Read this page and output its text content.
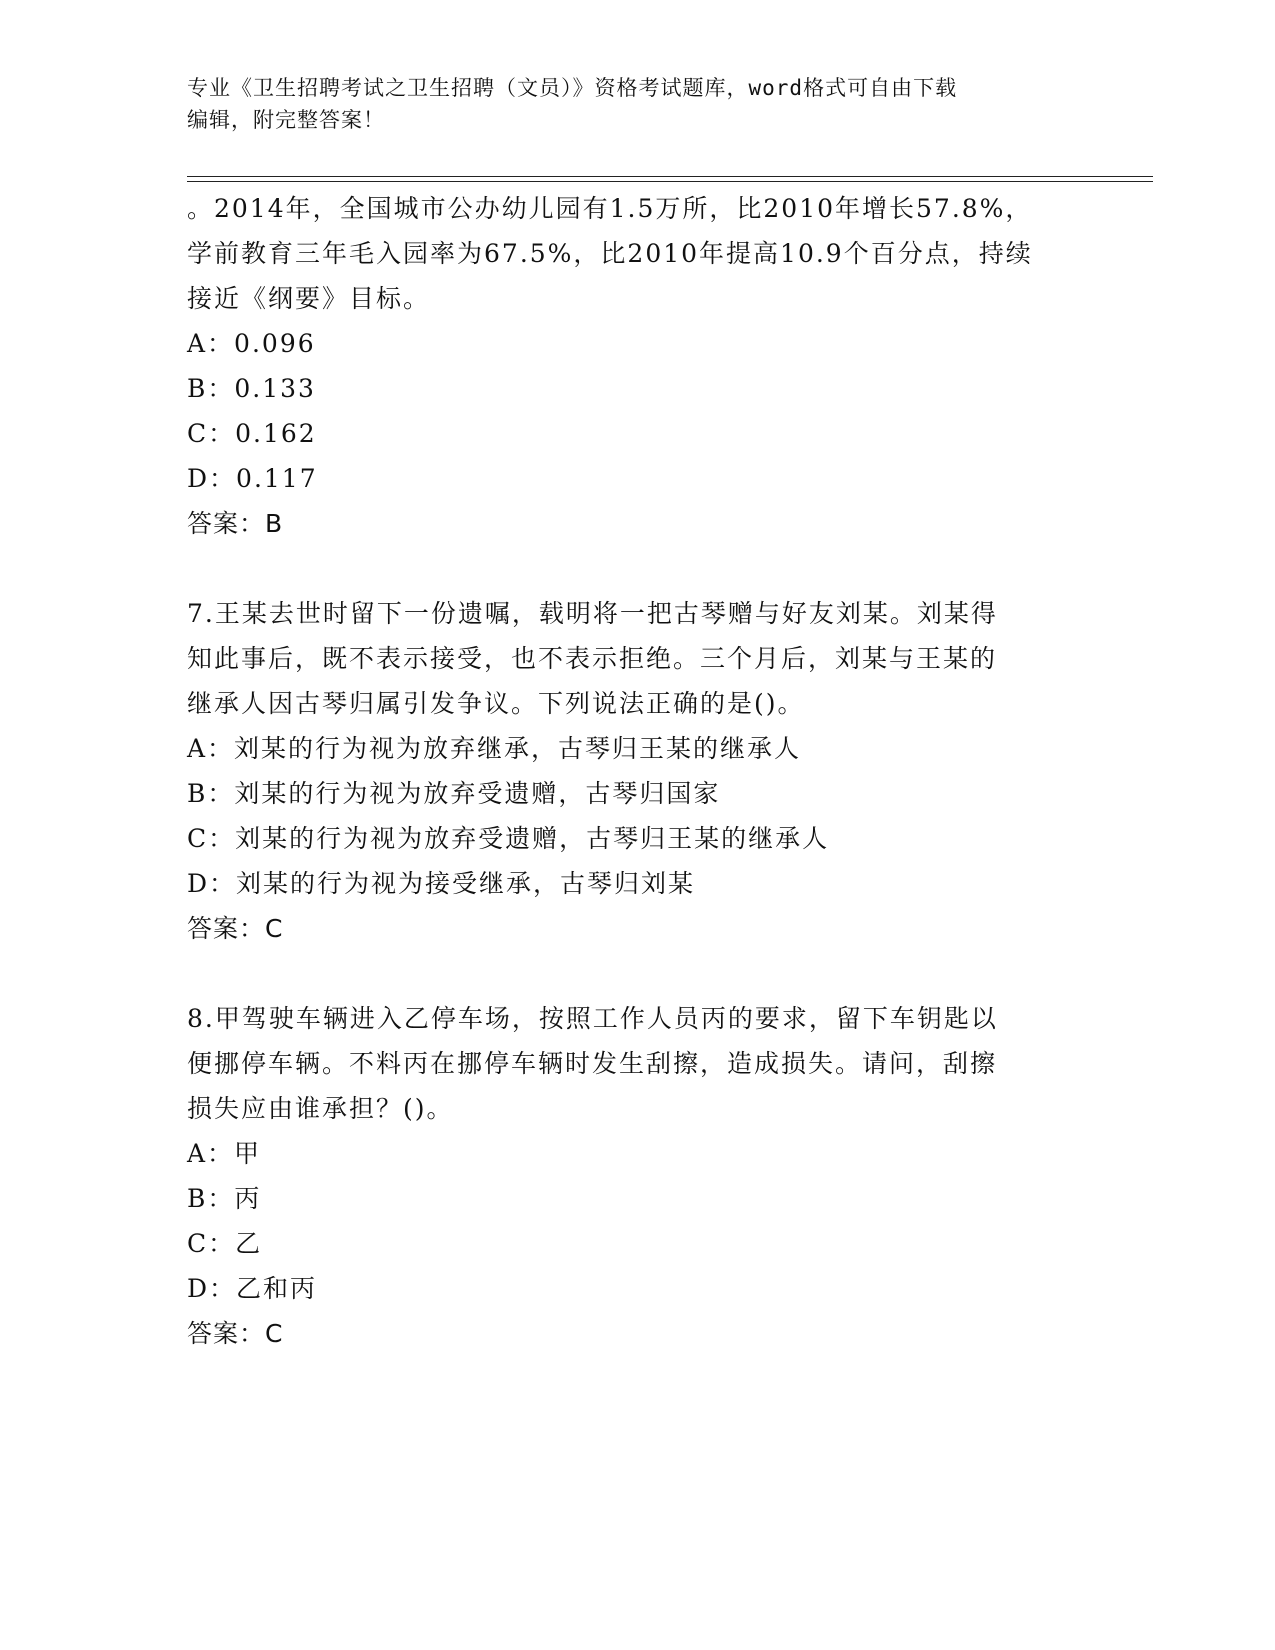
专业《卫生招聘考试之卫生招聘（文员）》资格考试题库，word格式可自由下载
编辑，附完整答案！

。2014年，全国城市公办幼儿园有1.5万所，比2010年增长57.8%，

学前教育三年毛入园率为67.5%，比2010年提高10.9个百分点，持续

接近《纲要》目标。

A：0.096

B：0.133

C：0.162

D：0.117

答案：B

7.王某去世时留下一份遗嘱，载明将一把古琴赠与好友刘某。刘某得

知此事后，既不表示接受，也不表示拒绝。三个月后，刘某与王某的

继承人因古琴归属引发争议。下列说法正确的是()。

A：刘某的行为视为放弃继承，古琴归王某的继承人

B：刘某的行为视为放弃受遗赠，古琴归国家

C：刘某的行为视为放弃受遗赠，古琴归王某的继承人

D：刘某的行为视为接受继承，古琴归刘某

答案：C

8.甲驾驶车辆进入乙停车场，按照工作人员丙的要求，留下车钥匙以

便挪停车辆。不料丙在挪停车辆时发生刮擦，造成损失。请问，刮擦

损失应由谁承担？()。

A：甲

B：丙

C：乙

D：乙和丙

答案：C
